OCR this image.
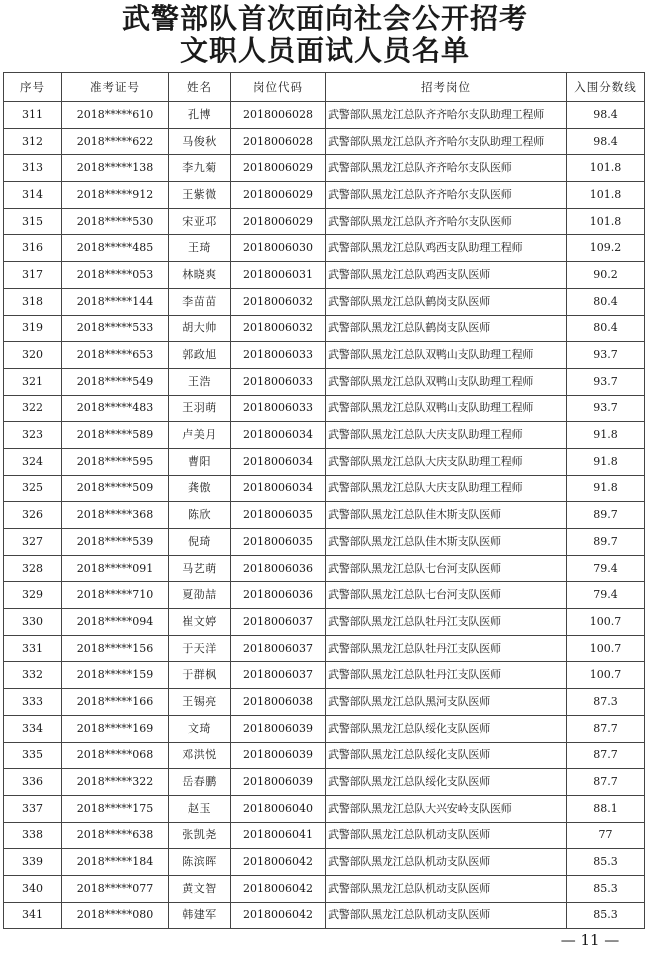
武警部队首次面向社会公开招考
文职人员面试人员名单
序号	准考证号	姓名	岗位代码	招考岗位	入围分数线
311	2018*****610	孔博	2018006028	武警部队黑龙江总队齐齐哈尔支队助理工程师	98.4
312	2018*****622	马俊秋	2018006028	武警部队黑龙江总队齐齐哈尔支队助理工程师	98.4
313	2018*****138	李九菊	2018006029	武警部队黑龙江总队齐齐哈尔支队医师	101.8
314	2018*****912	王紫微	2018006029	武警部队黑龙江总队齐齐哈尔支队医师	101.8
315	2018*****530	宋亚邛	2018006029	武警部队黑龙江总队齐齐哈尔支队医师	101.8
316	2018*****485	王琦	2018006030	武警部队黑龙江总队鸡西支队助理工程师	109.2
317	2018*****053	林晓爽	2018006031	武警部队黑龙江总队鸡西支队医师	90.2
318	2018*****144	李苗苗	2018006032	武警部队黑龙江总队鹤岗支队医师	80.4
319	2018*****533	胡大帅	2018006032	武警部队黑龙江总队鹤岗支队医师	80.4
320	2018*****653	郭政旭	2018006033	武警部队黑龙江总队双鸭山支队助理工程师	93.7
321	2018*****549	王浩	2018006033	武警部队黑龙江总队双鸭山支队助理工程师	93.7
322	2018*****483	王羽萌	2018006033	武警部队黑龙江总队双鸭山支队助理工程师	93.7
323	2018*****589	卢美月	2018006034	武警部队黑龙江总队大庆支队助理工程师	91.8
324	2018*****595	曹阳	2018006034	武警部队黑龙江总队大庆支队助理工程师	91.8
325	2018*****509	龚傲	2018006034	武警部队黑龙江总队大庆支队助理工程师	91.8
326	2018*****368	陈欣	2018006035	武警部队黑龙江总队佳木斯支队医师	89.7
327	2018*****539	倪琦	2018006035	武警部队黑龙江总队佳木斯支队医师	89.7
328	2018*****091	马艺萌	2018006036	武警部队黑龙江总队七台河支队医师	79.4
329	2018*****710	夏劭喆	2018006036	武警部队黑龙江总队七台河支队医师	79.4
330	2018*****094	崔文婷	2018006037	武警部队黑龙江总队牡丹江支队医师	100.7
331	2018*****156	于天洋	2018006037	武警部队黑龙江总队牡丹江支队医师	100.7
332	2018*****159	于群枫	2018006037	武警部队黑龙江总队牡丹江支队医师	100.7
333	2018*****166	王锡亮	2018006038	武警部队黑龙江总队黑河支队医师	87.3
334	2018*****169	文琦	2018006039	武警部队黑龙江总队绥化支队医师	87.7
335	2018*****068	邓洪悦	2018006039	武警部队黑龙江总队绥化支队医师	87.7
336	2018*****322	岳春鹏	2018006039	武警部队黑龙江总队绥化支队医师	87.7
337	2018*****175	赵玉	2018006040	武警部队黑龙江总队大兴安岭支队医师	88.1
338	2018*****638	张凯尧	2018006041	武警部队黑龙江总队机动支队医师	77
339	2018*****184	陈滨晖	2018006042	武警部队黑龙江总队机动支队医师	85.3
340	2018*****077	黄文智	2018006042	武警部队黑龙江总队机动支队医师	85.3
341	2018*****080	韩建军	2018006042	武警部队黑龙江总队机动支队医师	85.3
— 11 —
